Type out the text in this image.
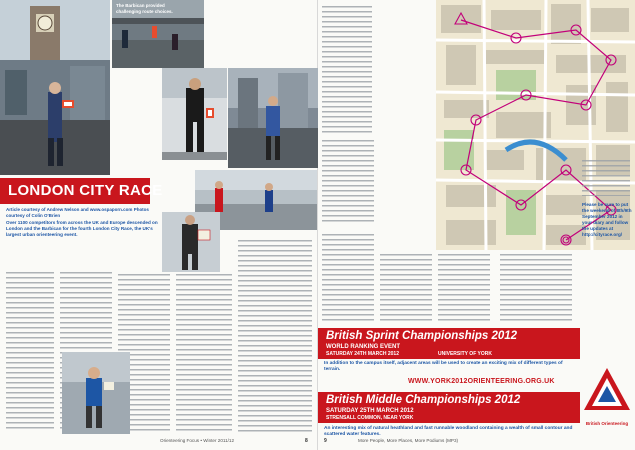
The Barbican provided challenging route choices.
LONDON CITY RACE
Article courtesy of Andrew Nelson and www.ospaporn.com Photos courtesy of Colin O'Brien
Over 1100 competitors from across the UK and Europe descended on London and the Barbican for the fourth London City Race, the UK's largest urban orienteering event.
Orienteering Focus • Winter 2011/12	8
Please be sure to put the weekend of 8th/9th September 2012 in your diary and follow the updates at http://cityrace.org/
British Sprint Championships 2012
WORLD RANKING EVENT
SATURDAY 24TH MARCH 2012	UNIVERSITY OF YORK
In addition to the campus itself, adjacent areas will be used to create an exciting mix of different types of terrain.
WWW.YORK2012ORIENTEERING.ORG.UK
British Middle Championships 2012
SATURDAY 25TH MARCH 2012
STRENSALL COMMON, NEAR YORK
An interesting mix of natural heathland and fast runnable woodland containing a wealth of small contour and scattered water features.
British Orienteering
More People, More Places, More Podiums (MP3)
9
